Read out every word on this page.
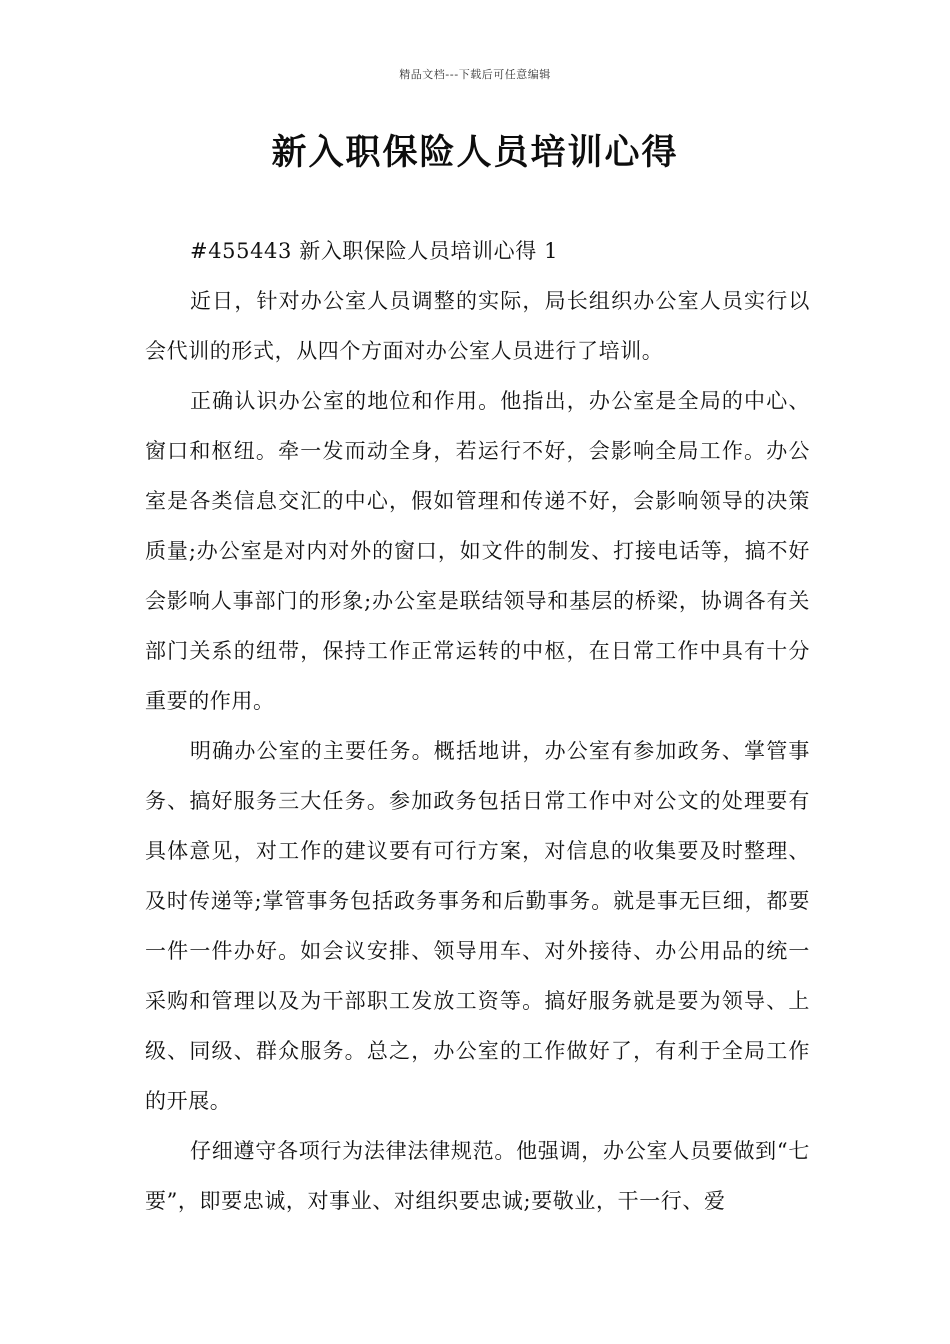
精品文档---下载后可任意编辑
新入职保险人员培训心得

#455443 新入职保险人员培训心得 1

近日，针对办公室人员调整的实际，局长组织办公室人员实行以会代训的形式，从四个方面对办公室人员进行了培训。

正确认识办公室的地位和作用。他指出，办公室是全局的中心、窗口和枢纽。牵一发而动全身，若运行不好，会影响全局工作。办公室是各类信息交汇的中心，假如管理和传递不好，会影响领导的决策质量;办公室是对内对外的窗口，如文件的制发、打接电话等，搞不好会影响人事部门的形象;办公室是联结领导和基层的桥梁，协调各有关部门关系的纽带，保持工作正常运转的中枢，在日常工作中具有十分重要的作用。

明确办公室的主要任务。概括地讲，办公室有参加政务、掌管事务、搞好服务三大任务。参加政务包括日常工作中对公文的处理要有具体意见，对工作的建议要有可行方案，对信息的收集要及时整理、及时传递等;掌管事务包括政务事务和后勤事务。就是事无巨细，都要一件一件办好。如会议安排、领导用车、对外接待、办公用品的统一采购和管理以及为干部职工发放工资等。搞好服务就是要为领导、上级、同级、群众服务。总之，办公室的工作做好了，有利于全局工作的开展。

仔细遵守各项行为法律法律规范。他强调，办公室人员要做到“七要”，即要忠诚，对事业、对组织要忠诚;要敬业，干一行、爱
